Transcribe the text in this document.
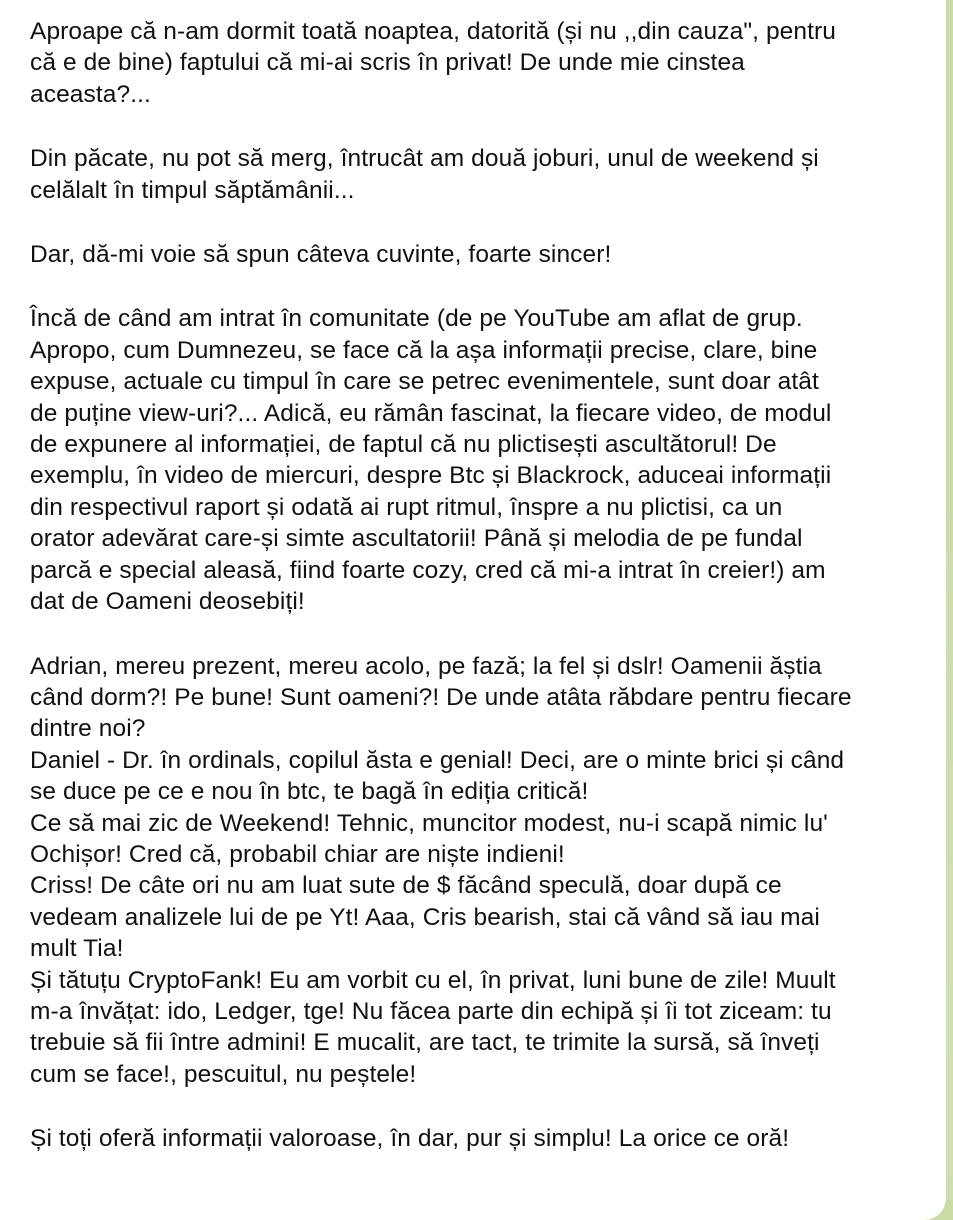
Aproape că n-am dormit toată noaptea, datorită (și nu ,,din cauza", pentru
că e de bine) faptului că mi-ai scris în privat! De unde mie cinstea
aceasta?...

Din păcate, nu pot să merg, întrucât am două joburi, unul de weekend și
celălalt în timpul săptămânii...

Dar, dă-mi voie să spun câteva cuvinte, foarte sincer!

Încă de când am intrat în comunitate (de pe YouTube am aflat de grup.
Apropo, cum Dumnezeu, se face că la așa informații precise, clare, bine
expuse, actuale cu timpul în care se petrec evenimentele, sunt doar atât
de puține view-uri?... Adică, eu rămân fascinat, la fiecare video, de modul
de expunere al informației, de faptul că nu plictisești ascultătorul! De
exemplu, în video de miercuri, despre Btc și Blackrock, aduceai informații
din respectivul raport și odată ai rupt ritmul, înspre a nu plictisi, ca un
orator adevărat care-și simte ascultatorii! Până și melodia de pe fundal
parcă e special aleasă, fiind foarte cozy, cred că mi-a intrat în creier!) am
dat de Oameni deosebiți!

Adrian, mereu prezent, mereu acolo, pe fază; la fel și dslr! Oamenii ăștia
când dorm?! Pe bune! Sunt oameni?! De unde atâta răbdare pentru fiecare
dintre noi?
Daniel - Dr. în ordinals, copilul ăsta e genial! Deci, are o minte brici și când
se duce pe ce e nou în btc, te bagă în ediția critică!
Ce să mai zic de Weekend! Tehnic, muncitor modest, nu-i scapă nimic lu'
Ochișor! Cred că, probabil chiar are niște indieni!
Criss! De câte ori nu am luat sute de $ făcând speculă, doar după ce
vedeam analizele lui de pe Yt! Aaa, Cris bearish, stai că vând să iau mai
mult Tia!
Și tătuțu CryptoFank! Eu am vorbit cu el, în privat, luni bune de zile! Muult
m-a învățat: ido, Ledger, tge! Nu făcea parte din echipă și îi tot ziceam: tu
trebuie să fii între admini! E mucalit, are tact, te trimite la sursă, să înveți
cum se face!, pescuitul, nu peștele!

Și toți oferă informații valoroase, în dar, pur și simplu! La orice ce oră!
